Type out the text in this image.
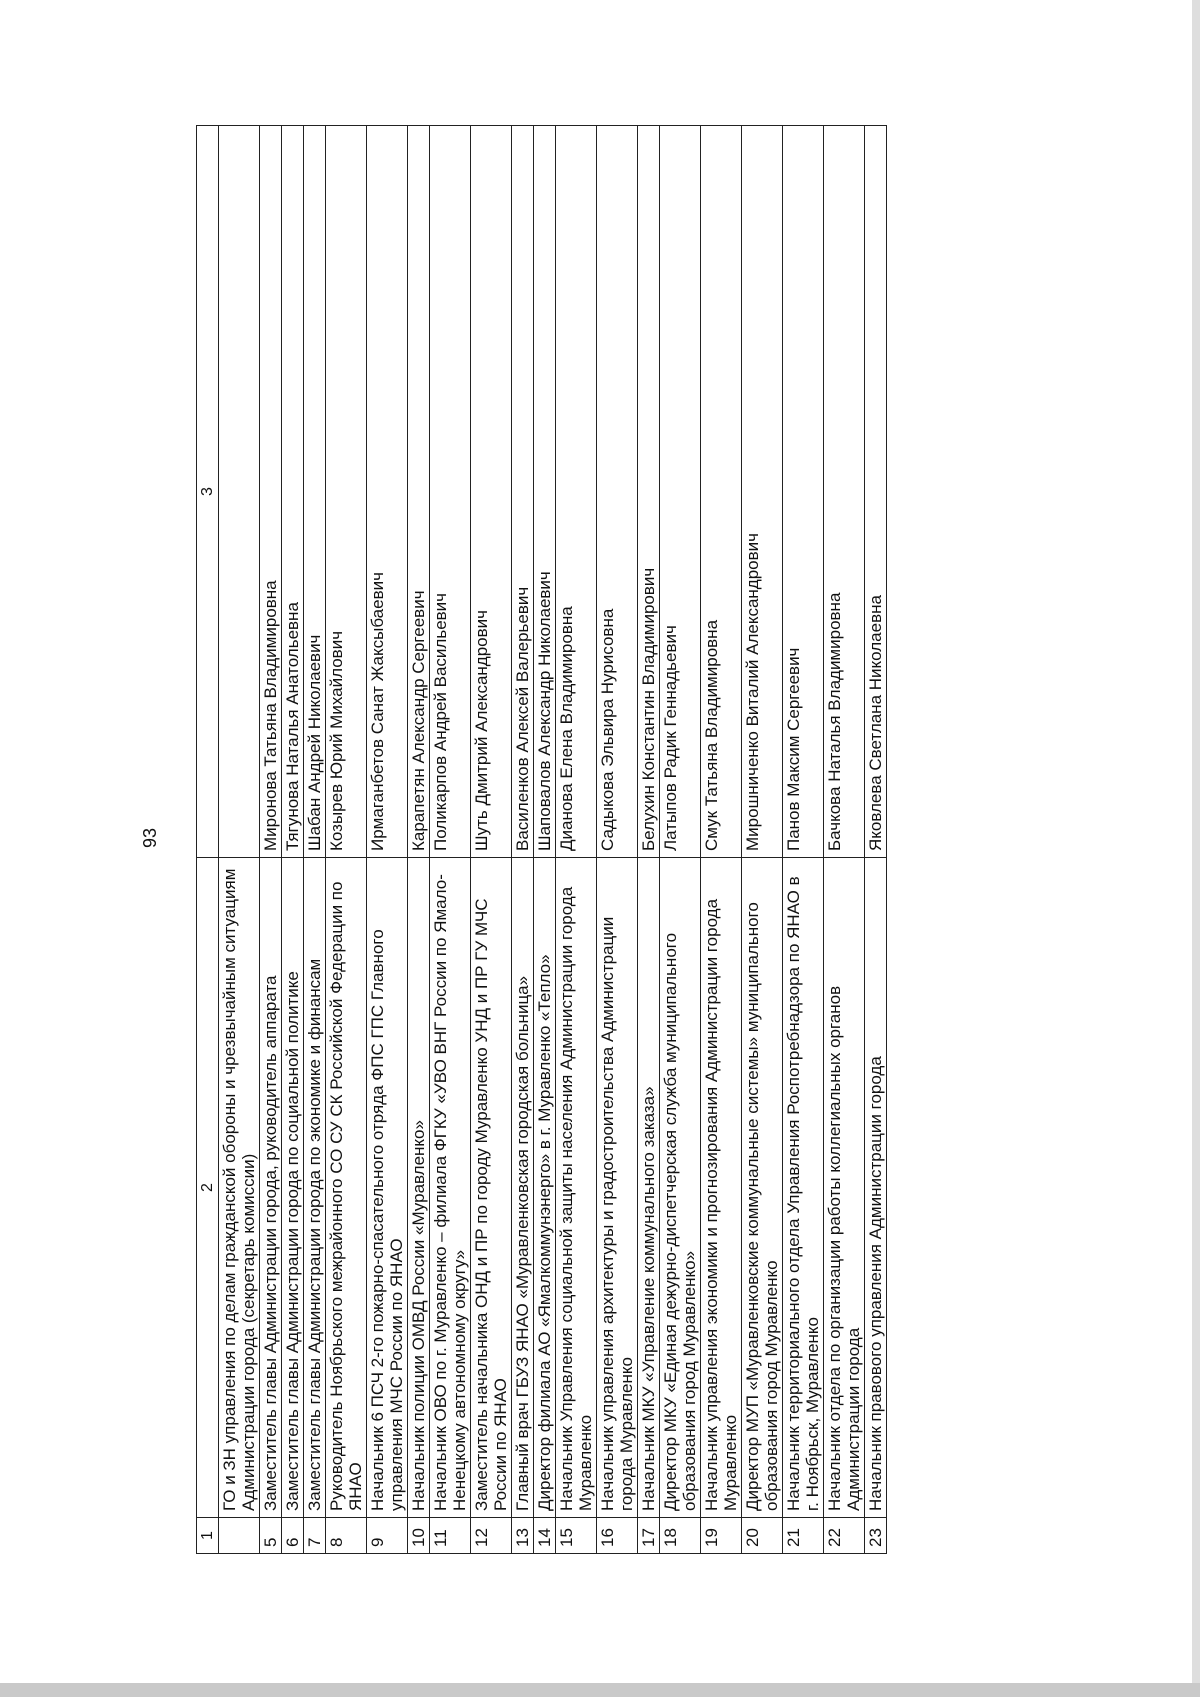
93
1	2	3
	ГО и ЗН управления по делам гражданской обороны и чрезвычайным ситуациям Администрации города (секретарь комиссии)	
5	Заместитель главы Администрации города, руководитель аппарата	Миронова Татьяна Владимировна
6	Заместитель главы Администрации города по социальной политике	Тягунова Наталья Анатольевна
7	Заместитель главы Администрации города по экономике и финансам	Шабан Андрей Николаевич
8	Руководитель Ноябрьского межрайонного СО СУ СК Российской Федерации по ЯНАО	Козырев Юрий Михайлович
9	Начальник 6 ПСЧ 2-го пожарно-спасательного отряда ФПС ГПС Главного управления МЧС России по ЯНАО	Ирмаганбетов Санат Жаксыбаевич
10	Начальник полиции ОМВД России «Муравленко»	Карапетян Александр Сергеевич
11	Начальник ОВО по г. Муравленко – филиала ФГКУ «УВО ВНГ России по Ямало-Ненецкому автономному округу»	Поликарпов Андрей Васильевич
12	Заместитель начальника ОНД и ПР по городу Муравленко УНД и ПР ГУ МЧС России по ЯНАО	Шуть Дмитрий Александрович
13	Главный врач ГБУЗ ЯНАО «Муравленковская городская больница»	Василенков Алексей Валерьевич
14	Директор филиала АО «Ямалкоммунэнерго» в г. Муравленко «Тепло»	Шаповалов Александр Николаевич
15	Начальник Управления социальной защиты населения Администрации города Муравленко	Дианова Елена Владимировна
16	Начальник управления архитектуры и градостроительства Администрации города Муравленко	Садыкова Эльвира Нурисовна
17	Начальник МКУ «Управление коммунального заказа»	Белухин Константин Владимирович
18	Директор МКУ «Единая дежурно-диспетчерская служба муниципального образования город Муравленко»	Латыпов Радик Геннадьевич
19	Начальник управления экономики и прогнозирования Администрации города Муравленко	Смук Татьяна Владимировна
20	Директор МУП «Муравленковские коммунальные системы» муниципального образования город Муравленко	Мирошниченко Виталий Александрович
21	Начальник территориального отдела Управления Роспотребнадзора по ЯНАО в г. Ноябрьск, Муравленко	Панов Максим Сергеевич
22	Начальник отдела по организации работы коллегиальных органов Администрации города	Бачкова Наталья Владимировна
23	Начальник правового управления Администрации города	Яковлева Светлана Николаевна
